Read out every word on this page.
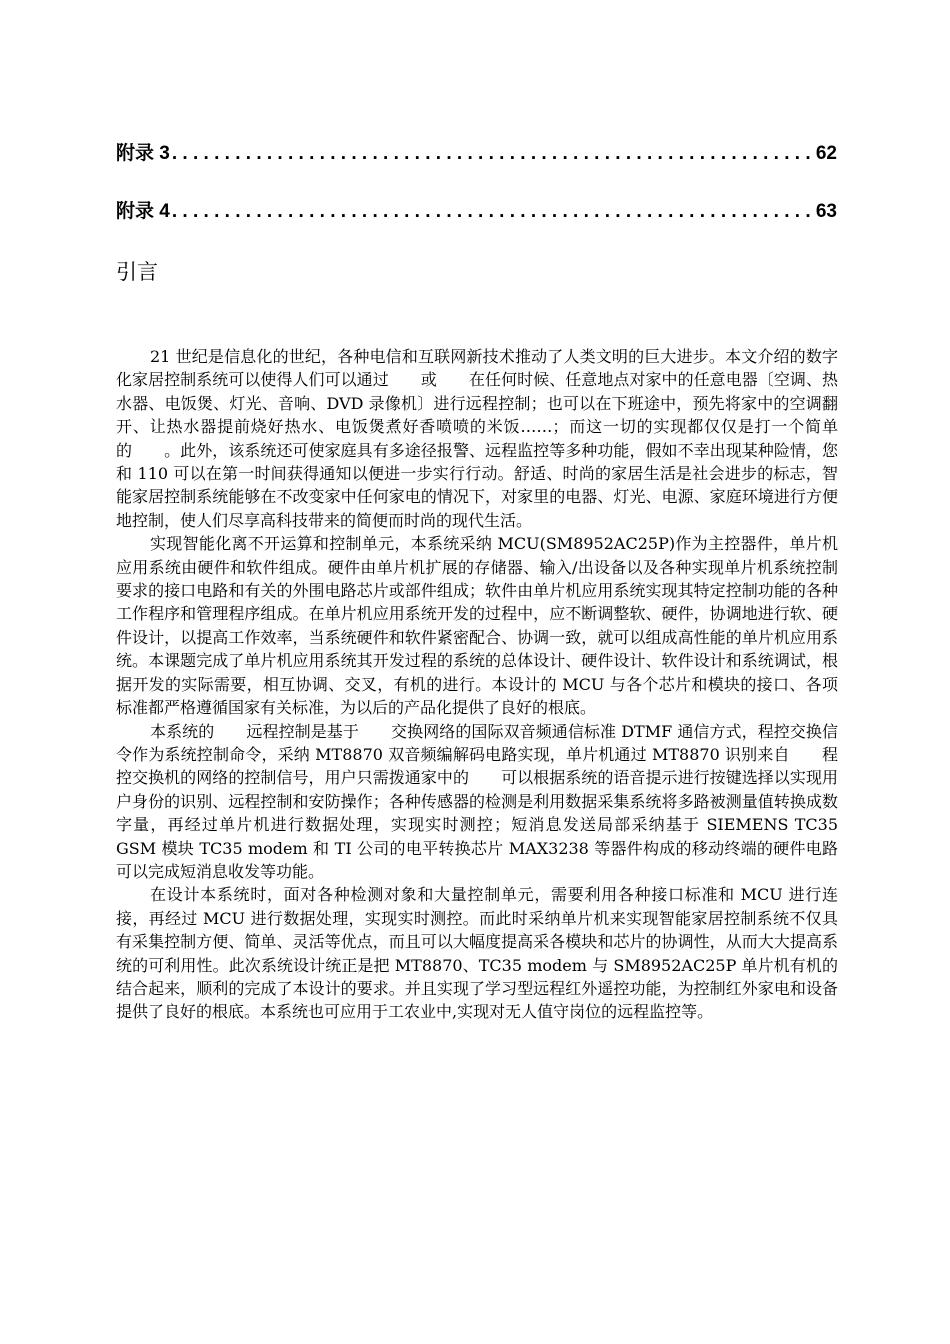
附录 3 . . .	62
附录 4 . . .	63
引言

21 世纪是信息化的世纪，各种电信和互联网新技术推动了人类文明的巨大进步。本文介绍的数字化家居控制系统可以使得人们可以通过　　或　　在任何时候、任意地点对家中的任意电器〔空调、热水器、电饭煲、灯光、音响、DVD 录像机〕进行远程控制；也可以在下班途中，预先将家中的空调翻开、让热水器提前烧好热水、电饭煲煮好香喷喷的米饭……；而这一切的实现都仅仅是打一个简单的　　。此外，该系统还可使家庭具有多途径报警、远程监控等多种功能，假如不幸出现某种险情，您和 110 可以在第一时间获得通知以便进一步实行行动。舒适、时尚的家居生活是社会进步的标志，智能家居控制系统能够在不改变家中任何家电的情况下，对家里的电器、灯光、电源、家庭环境进行方便地控制，使人们尽享高科技带来的简便而时尚的现代生活。

实现智能化离不开运算和控制单元，本系统采纳 MCU(SM8952AC25P)作为主控器件，单片机应用系统由硬件和软件组成。硬件由单片机扩展的存储器、输入/出设备以及各种实现单片机系统控制要求的接口电路和有关的外围电路芯片或部件组成；软件由单片机应用系统实现其特定控制功能的各种工作程序和管理程序组成。在单片机应用系统开发的过程中，应不断调整软、硬件，协调地进行软、硬件设计，以提高工作效率，当系统硬件和软件紧密配合、协调一致，就可以组成高性能的单片机应用系统。本课题完成了单片机应用系统其开发过程的系统的总体设计、硬件设计、软件设计和系统调试，根据开发的实际需要，相互协调、交叉，有机的进行。本设计的 MCU 与各个芯片和模块的接口、各项标准都严格遵循国家有关标准，为以后的产品化提供了良好的根底。

本系统的　　远程控制是基于　　交换网络的国际双音频通信标准 DTMF 通信方式，程控交换信令作为系统控制命令，采纳 MT8870 双音频编解码电路实现，单片机通过 MT8870 识别来自　　程控交换机的网络的控制信号，用户只需拨通家中的　　可以根据系统的语音提示进行按键选择以实现用户身份的识别、远程控制和安防操作；各种传感器的检测是利用数据采集系统将多路被测量值转换成数字量，再经过单片机进行数据处理，实现实时测控；短消息发送局部采纳基于 SIEMENS TC35 GSM 模块 TC35 modem 和 TI 公司的电平转换芯片 MAX3238 等器件构成的移动终端的硬件电路可以完成短消息收发等功能。

在设计本系统时，面对各种检测对象和大量控制单元，需要利用各种接口标准和 MCU 进行连接，再经过 MCU 进行数据处理，实现实时测控。而此时采纳单片机来实现智能家居控制系统不仅具有采集控制方便、简单、灵活等优点，而且可以大幅度提高采各模块和芯片的协调性，从而大大提高系统的可利用性。此次系统设计统正是把 MT8870、TC35 modem 与 SM8952AC25P 单片机有机的结合起来，顺利的完成了本设计的要求。并且实现了学习型远程红外遥控功能，为控制红外家电和设备提供了良好的根底。本系统也可应用于工农业中,实现对无人值守岗位的远程监控等。
